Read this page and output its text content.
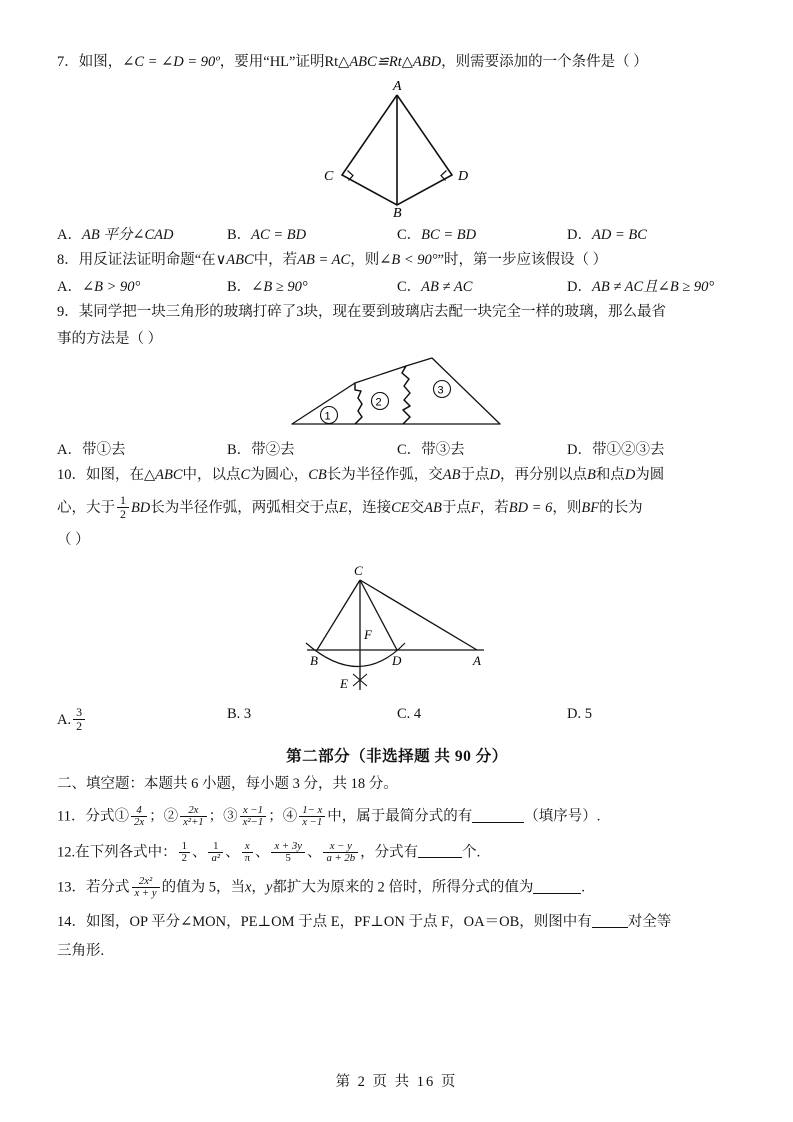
7．如图，∠C = ∠D = 90º，要用“HL”证明Rt△ABC≌Rt△ABD，则需要添加的一个条件是（ ）
A
C	D
B
A．AB 平分∠CAD	B．AC = BD	C．BC = BD	D．AD = BC
8．用反证法证明命题“在∨ABC中，若AB = AC，则∠B < 90°”时，第一步应该假设（ ）
A．∠B > 90°	B．∠B ≥ 90°	C．AB ≠ AC	D．AB ≠ AC且∠B ≥ 90°
9．某同学把一块三角形的玻璃打碎了3块，现在要到玻璃店去配一块完全一样的玻璃，那么最省
事的方法是（ ）
1
2
3
A．带①去	B．带②去	C．带③去	D．带①②③去
10．如图，在△ABC中，以点C为圆心，CB长为半径作弧，交AB于点D，再分别以点B和点D为圆
心，大于 $\frac{1}{2}$ BD长为半径作弧，两弧相交于点E，连接CE交AB于点F，若BD = 6，则BF的长为
（ ）
C
B	D	A
F
E
A. $\frac{3}{2}$	B. 3	C. 4	D. 5
第二部分（非选择题 共 90 分）
二、填空题：本题共 6 小题，每小题 3 分，共 18 分。
11．分式① $\frac{4}{2x}$ ；② $\frac{2x}{\text{x²+1}}$ ；③ $\frac{x -1}{\text{x²−1}}$ ；④ $\frac{1- x}{x -1}$ 中，属于最简分式的有	（填序号）.
12.在下列各式中： $\frac{1}{2}$ 、 $\frac{1}{\text{a²}}$ 、 $\frac{x}{\pi}$ 、 $\frac{x + 3y}{5}$ 、 $\frac{x - y}{a + 2b}$ ，分式有	个.
13．若分式 $\frac{\text{2x²}}{x + y}$ 的值为 5，当x，y都扩大为原来的 2 倍时，所得分式的值为	.
14．如图，OP 平分∠MON，PE⊥OM 于点 E，PF⊥ON 于点 F，OA＝OB，则图中有 对全等
三角形.
第 2 页 共 16 页
